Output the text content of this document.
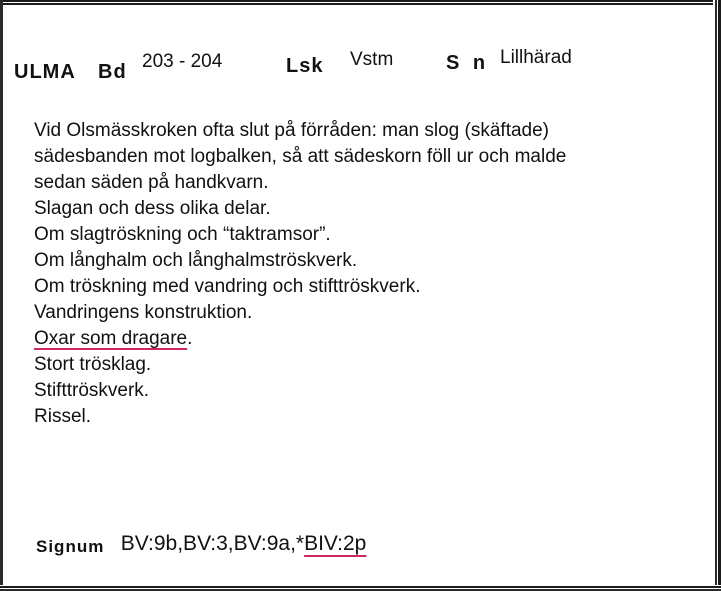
ULMA Bd 203 - 204	Lsk Vstm	S n Lillhärad
Vid Olsmässkroken ofta slut på förråden: man slog (skäftade)
sädesbanden mot logbalken, så att sädeskorn föll ur och malde
sedan säden på handkvarn.
Slagan och dess olika delar.
Om slagtröskning och “taktramsor”.
Om långhalm och långhalmströskverk.
Om tröskning med vandring och stifttröskverk.
Vandringens konstruktion.
Oxar som dragare.
Stort trösklag.
Stifttröskverk.
Rissel.
Signum BV:9b,BV:3,BV:9a,*BIV:2p
